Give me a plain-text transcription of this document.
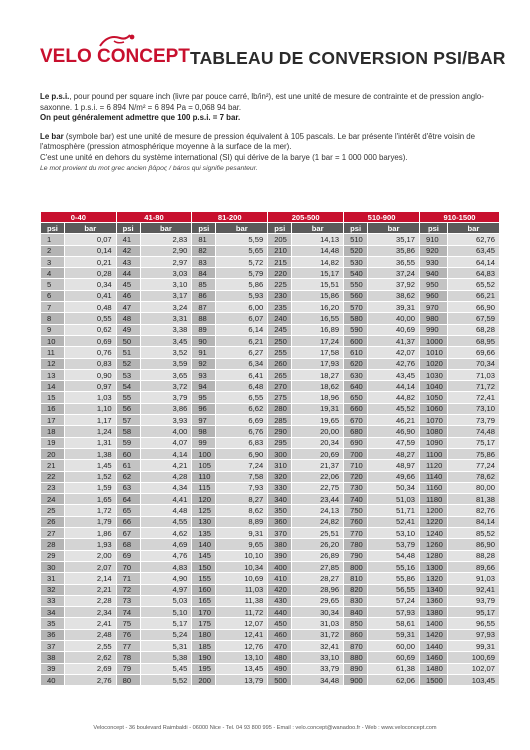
VELO CONCEPT TABLEAU DE CONVERSION PSI/BAR

Le p.s.i., pour pound per square inch (livre par pouce carré, lb/in²), est une unité de mesure de contrainte et de pression anglo-saxonne. 1 p.s.i. = 6 894 N/m² = 6 894 Pa = 0,068 94 bar.

On peut généralement admettre que 100 p.s.i. = 7 bar.

Le bar (symbole bar) est une unité de mesure de pression équivalent à 105 pascals. Le bar présente l'intérêt d'être voisin de l'atmosphère (pression atmosphérique moyenne à la surface de la mer).

C'est une unité en dehors du système international (SI) qui dérive de la barye (1 bar = 1 000 000 baryes).

Le mot provient du mot grec ancien βάρος / báros qui signifie pesanteur.

0-40		41-80		81-200		205-500		510-900		910-1500	
psi	bar	psi	bar	psi	bar	psi	bar	psi	bar	psi	bar
1	0,07	41	2,83	81	5,59	205	14,13	510	35,17	910	62,76
2	0,14	42	2,90	82	5,65	210	14,48	520	35,86	920	63,45
3	0,21	43	2,97	83	5,72	215	14,82	530	36,55	930	64,14
4	0,28	44	3,03	84	5,79	220	15,17	540	37,24	940	64,83
5	0,34	45	3,10	85	5,86	225	15,51	550	37,92	950	65,52
6	0,41	46	3,17	86	5,93	230	15,86	560	38,62	960	66,21
7	0,48	47	3,24	87	6,00	235	16,20	570	39,31	970	66,90
8	0,55	48	3,31	88	6,07	240	16,55	580	40,00	980	67,59
9	0,62	49	3,38	89	6,14	245	16,89	590	40,69	990	68,28
10	0,69	50	3,45	90	6,21	250	17,24	600	41,37	1000	68,95
11	0,76	51	3,52	91	6,27	255	17,58	610	42,07	1010	69,66
12	0,83	52	3,59	92	6,34	260	17,93	620	42,76	1020	70,34
13	0,90	53	3,65	93	6,41	265	18,27	630	43,45	1030	71,03
14	0,97	54	3,72	94	6,48	270	18,62	640	44,14	1040	71,72
15	1,03	55	3,79	95	6,55	275	18,96	650	44,82	1050	72,41
16	1,10	56	3,86	96	6,62	280	19,31	660	45,52	1060	73,10
17	1,17	57	3,93	97	6,69	285	19,65	670	46,21	1070	73,79
18	1,24	58	4,00	98	6,76	290	20,00	680	46,90	1080	74,48
19	1,31	59	4,07	99	6,83	295	20,34	690	47,59	1090	75,17
20	1,38	60	4,14	100	6,90	300	20,69	700	48,27	1100	75,86
21	1,45	61	4,21	105	7,24	310	21,37	710	48,97	1120	77,24
22	1,52	62	4,28	110	7,58	320	22,06	720	49,66	1140	78,62
23	1,59	63	4,34	115	7,93	330	22,75	730	50,34	1160	80,00
24	1,65	64	4,41	120	8,27	340	23,44	740	51,03	1180	81,38
25	1,72	65	4,48	125	8,62	350	24,13	750	51,71	1200	82,76
26	1,79	66	4,55	130	8,89	360	24,82	760	52,41	1220	84,14
27	1,86	67	4,62	135	9,31	370	25,51	770	53,10	1240	85,52
28	1,93	68	4,69	140	9,65	380	26,20	780	53,79	1260	86,90
29	2,00	69	4,76	145	10,10	390	26,89	790	54,48	1280	88,28
30	2,07	70	4,83	150	10,34	400	27,85	800	55,16	1300	89,66
31	2,14	71	4,90	155	10,69	410	28,27	810	55,86	1320	91,03
32	2,21	72	4,97	160	11,03	420	28,96	820	56,55	1340	92,41
33	2,28	73	5,03	165	11,38	430	29,65	830	57,24	1360	93,79
34	2,34	74	5,10	170	11,72	440	30,34	840	57,93	1380	95,17
35	2,41	75	5,17	175	12,07	450	31,03	850	58,61	1400	96,55
36	2,48	76	5,24	180	12,41	460	31,72	860	59,31	1420	97,93
37	2,55	77	5,31	185	12,76	470	32,41	870	60,00	1440	99,31
38	2,62	78	5,38	190	13,10	480	33,10	880	60,69	1460	100,69
39	2,69	79	5,45	195	13,45	490	33,79	890	61,38	1480	102,07
40	2,76	80	5,52	200	13,79	500	34,48	900	62,06	1500	103,45
Veloconcept - 36 boulevard Raimbaldi - 06000 Nice - Tel. 04 93 800 995 - Email : velo.concept@wanadoo.fr - Web : www.veloconcept.com
